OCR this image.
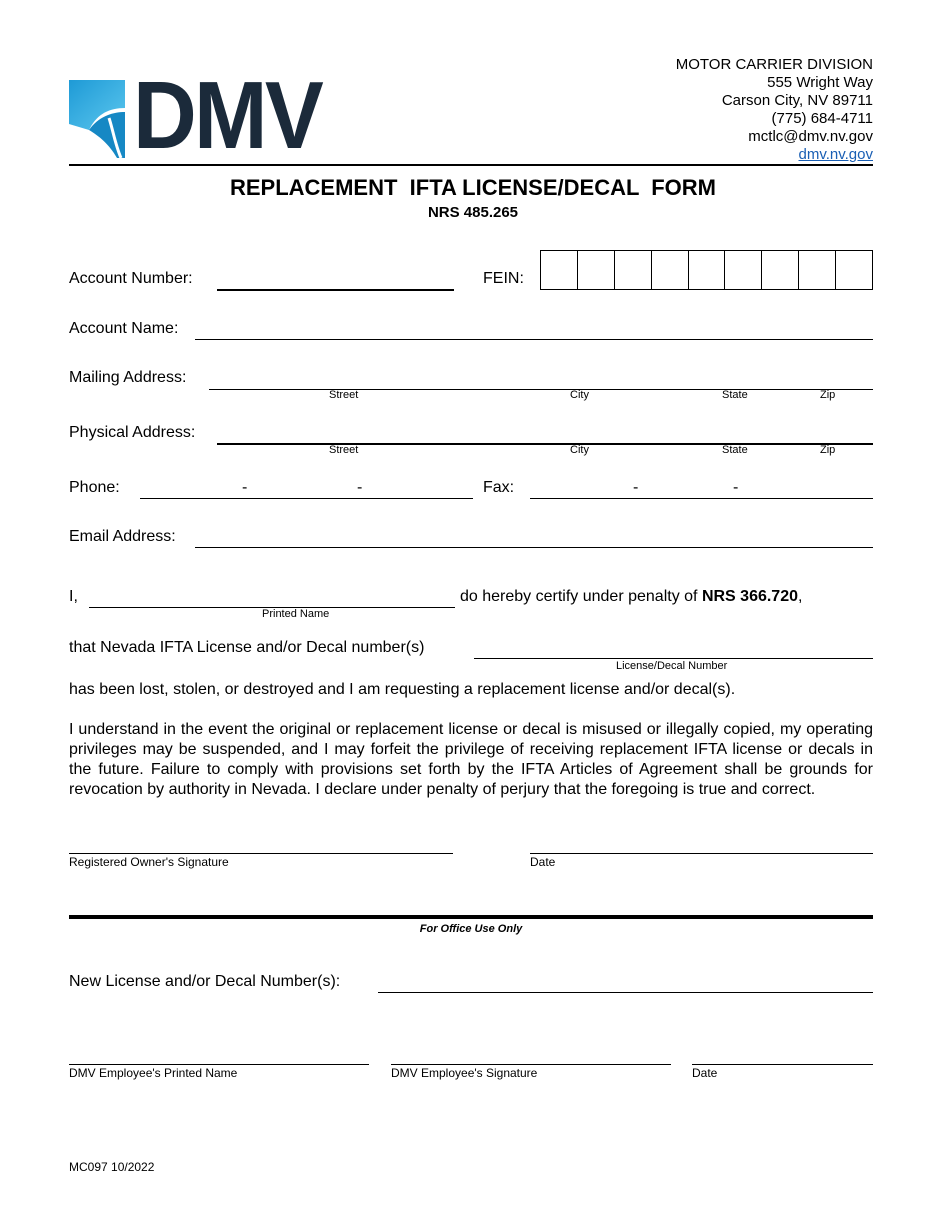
DMV	MOTOR CARRIER DIVISION
555 Wright Way
Carson City, NV 89711
(775) 684-4711
mctlc@dmv.nv.gov
dmv.nv.gov
REPLACEMENT  IFTA LICENSE/DECAL  FORM
NRS 485.265
Account Number:	FEIN:
Account Name:
Mailing Address:
Street	City	State	Zip
Physical Address:
Street	City	State	Zip
Phone:	-	-	Fax:	-	-
Email Address:
I,
Printed Name
do hereby certify under penalty of NRS 366.720,
that Nevada IFTA License and/or Decal number(s)
License/Decal Number
has been lost, stolen, or destroyed and I am requesting a replacement license and/or decal(s).
I understand in the event the original or replacement license or decal is misused or illegally copied, my operating privileges may be suspended, and I may forfeit the privilege of receiving replacement IFTA license or decals in the future. Failure to comply with provisions set forth by the IFTA Articles of Agreement shall be grounds for revocation by authority in Nevada. I declare under penalty of perjury that the foregoing is true and correct.
Registered Owner's Signature	Date
For Office Use Only
New License and/or Decal Number(s):
DMV Employee's Printed Name	DMV Employee's Signature	Date
MC097 10/2022
